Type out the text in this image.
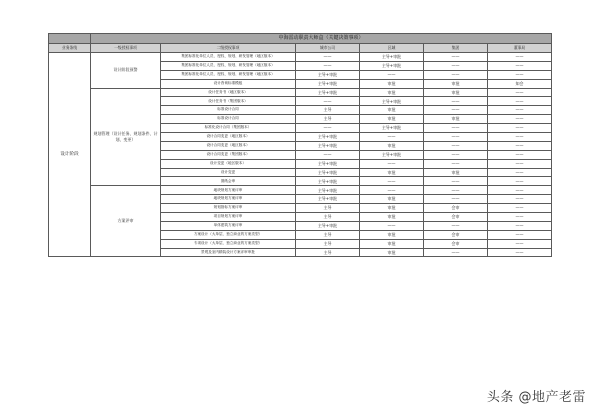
	中海雷动职责大师盒（关键决策事项）					
业务条线	一级授权事项	二级授权事项	城市公司	区域	集团	董事局
设计阶段	设计阶段预警	集团标准化单位人员、授权、规划、研发管理（地区版本）	——	主导+审批	——	——
		集团标准化单位人员、授权、规划、研发管理（地区版本）	——	主导+审批	——	——
		集团标准化单位人员、授权、规划、研发管理（地区版本）	主导+审批	——	——	——
		设计咨询标准模板	主导+审批	审批	审批	知会
	规划管理（设计任务、规划条件、计划、变更）	设计任务书（地区版本）	主导+审批	审批	审批	——
		设计任务书（集团版本）	——	主导+审批	——	——
		标准设计合同	主导	审批	——	——
		标准设计合同	主导	审批	审批	——
		标准化设计合同（集团版本）	——	主导+审批	——	——
		设计合同变更（地区版本）	主导+审批	——	——	——
		设计合同变更（地区版本）	主导+审批	审批	——	——
		设计合同变更（集团版本）	——	主导+审批	——	——
		设计变更（地区版本）	主导+审批	——	——	——
		设计变更	主导+审批	审批	审批	——
		图纸会审	主导+审批	——	——	——
	方案评审	地块规划方案评审	主导+审批	——	——	——
		地块规划方案评审	主导+审批	审批	——	——
		规划指标方案评审	主导	审批	会审	——
		项目规划方案评审	主导	审批	会审	——
		单体建筑方案评审	主导+审批	——	——	——
		方案设计（大单层、独立商业的方案类型）	主导	审批	会审	——
		专项设计（大单层、独立商业的方案类型）	主导	审批	会审	——
		景观及室内精装设计方案评审审批	主导	审批	——	——
头条 @地产老雷
